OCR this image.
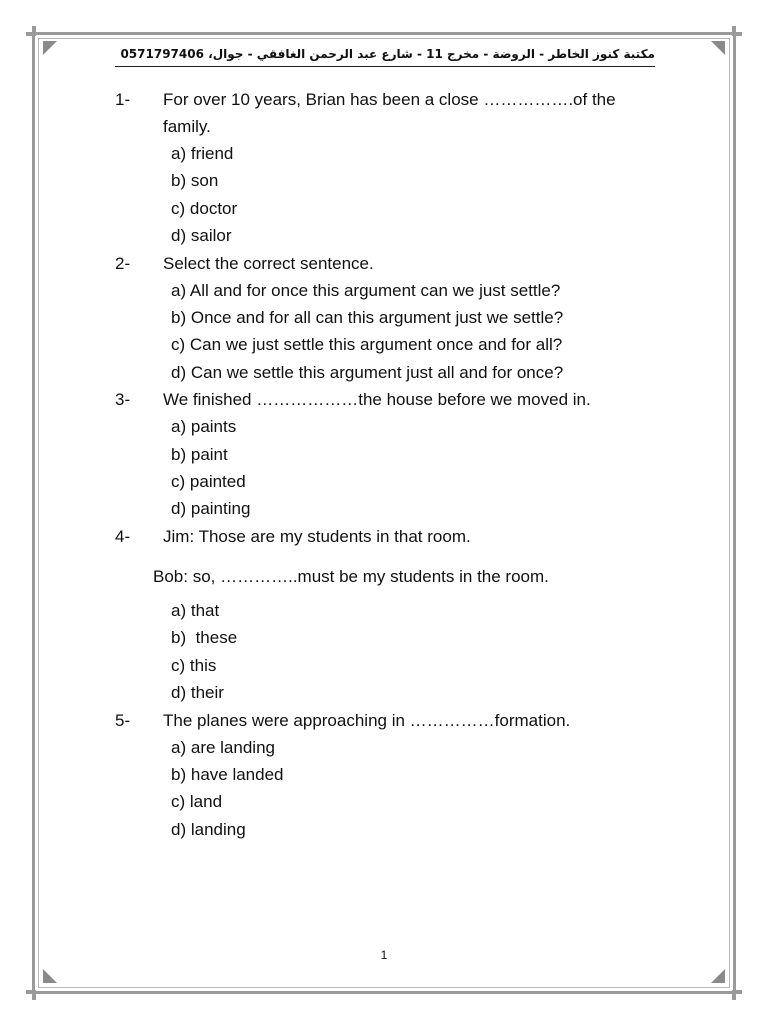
مكتبة كنوز الخاطر - الروضة - مخرج 11 - شارع عبد الرحمن الغافقي - جوال، 0571797406
1-	For over 10 years, Brian has been a close …………….of the
family.
a) friend
b) son
c) doctor
d) sailor
2-	Select the correct sentence.
a) All and for once this argument can we just settle?
b) Once and for all can this argument just we settle?
c) Can we just settle this argument once and for all?
d) Can we settle this argument just all and for once?
3-	We finished ………………the house before we moved in.
a) paints
b) paint
c) painted
d) painting
4-	Jim: Those are my students in that room.
Bob: so, …………..must be my students in the room.
a) that
b)  these
c) this
d) their
5-	The planes were approaching in ……………formation.
a) are landing
b) have landed
c) land
d) landing
1
